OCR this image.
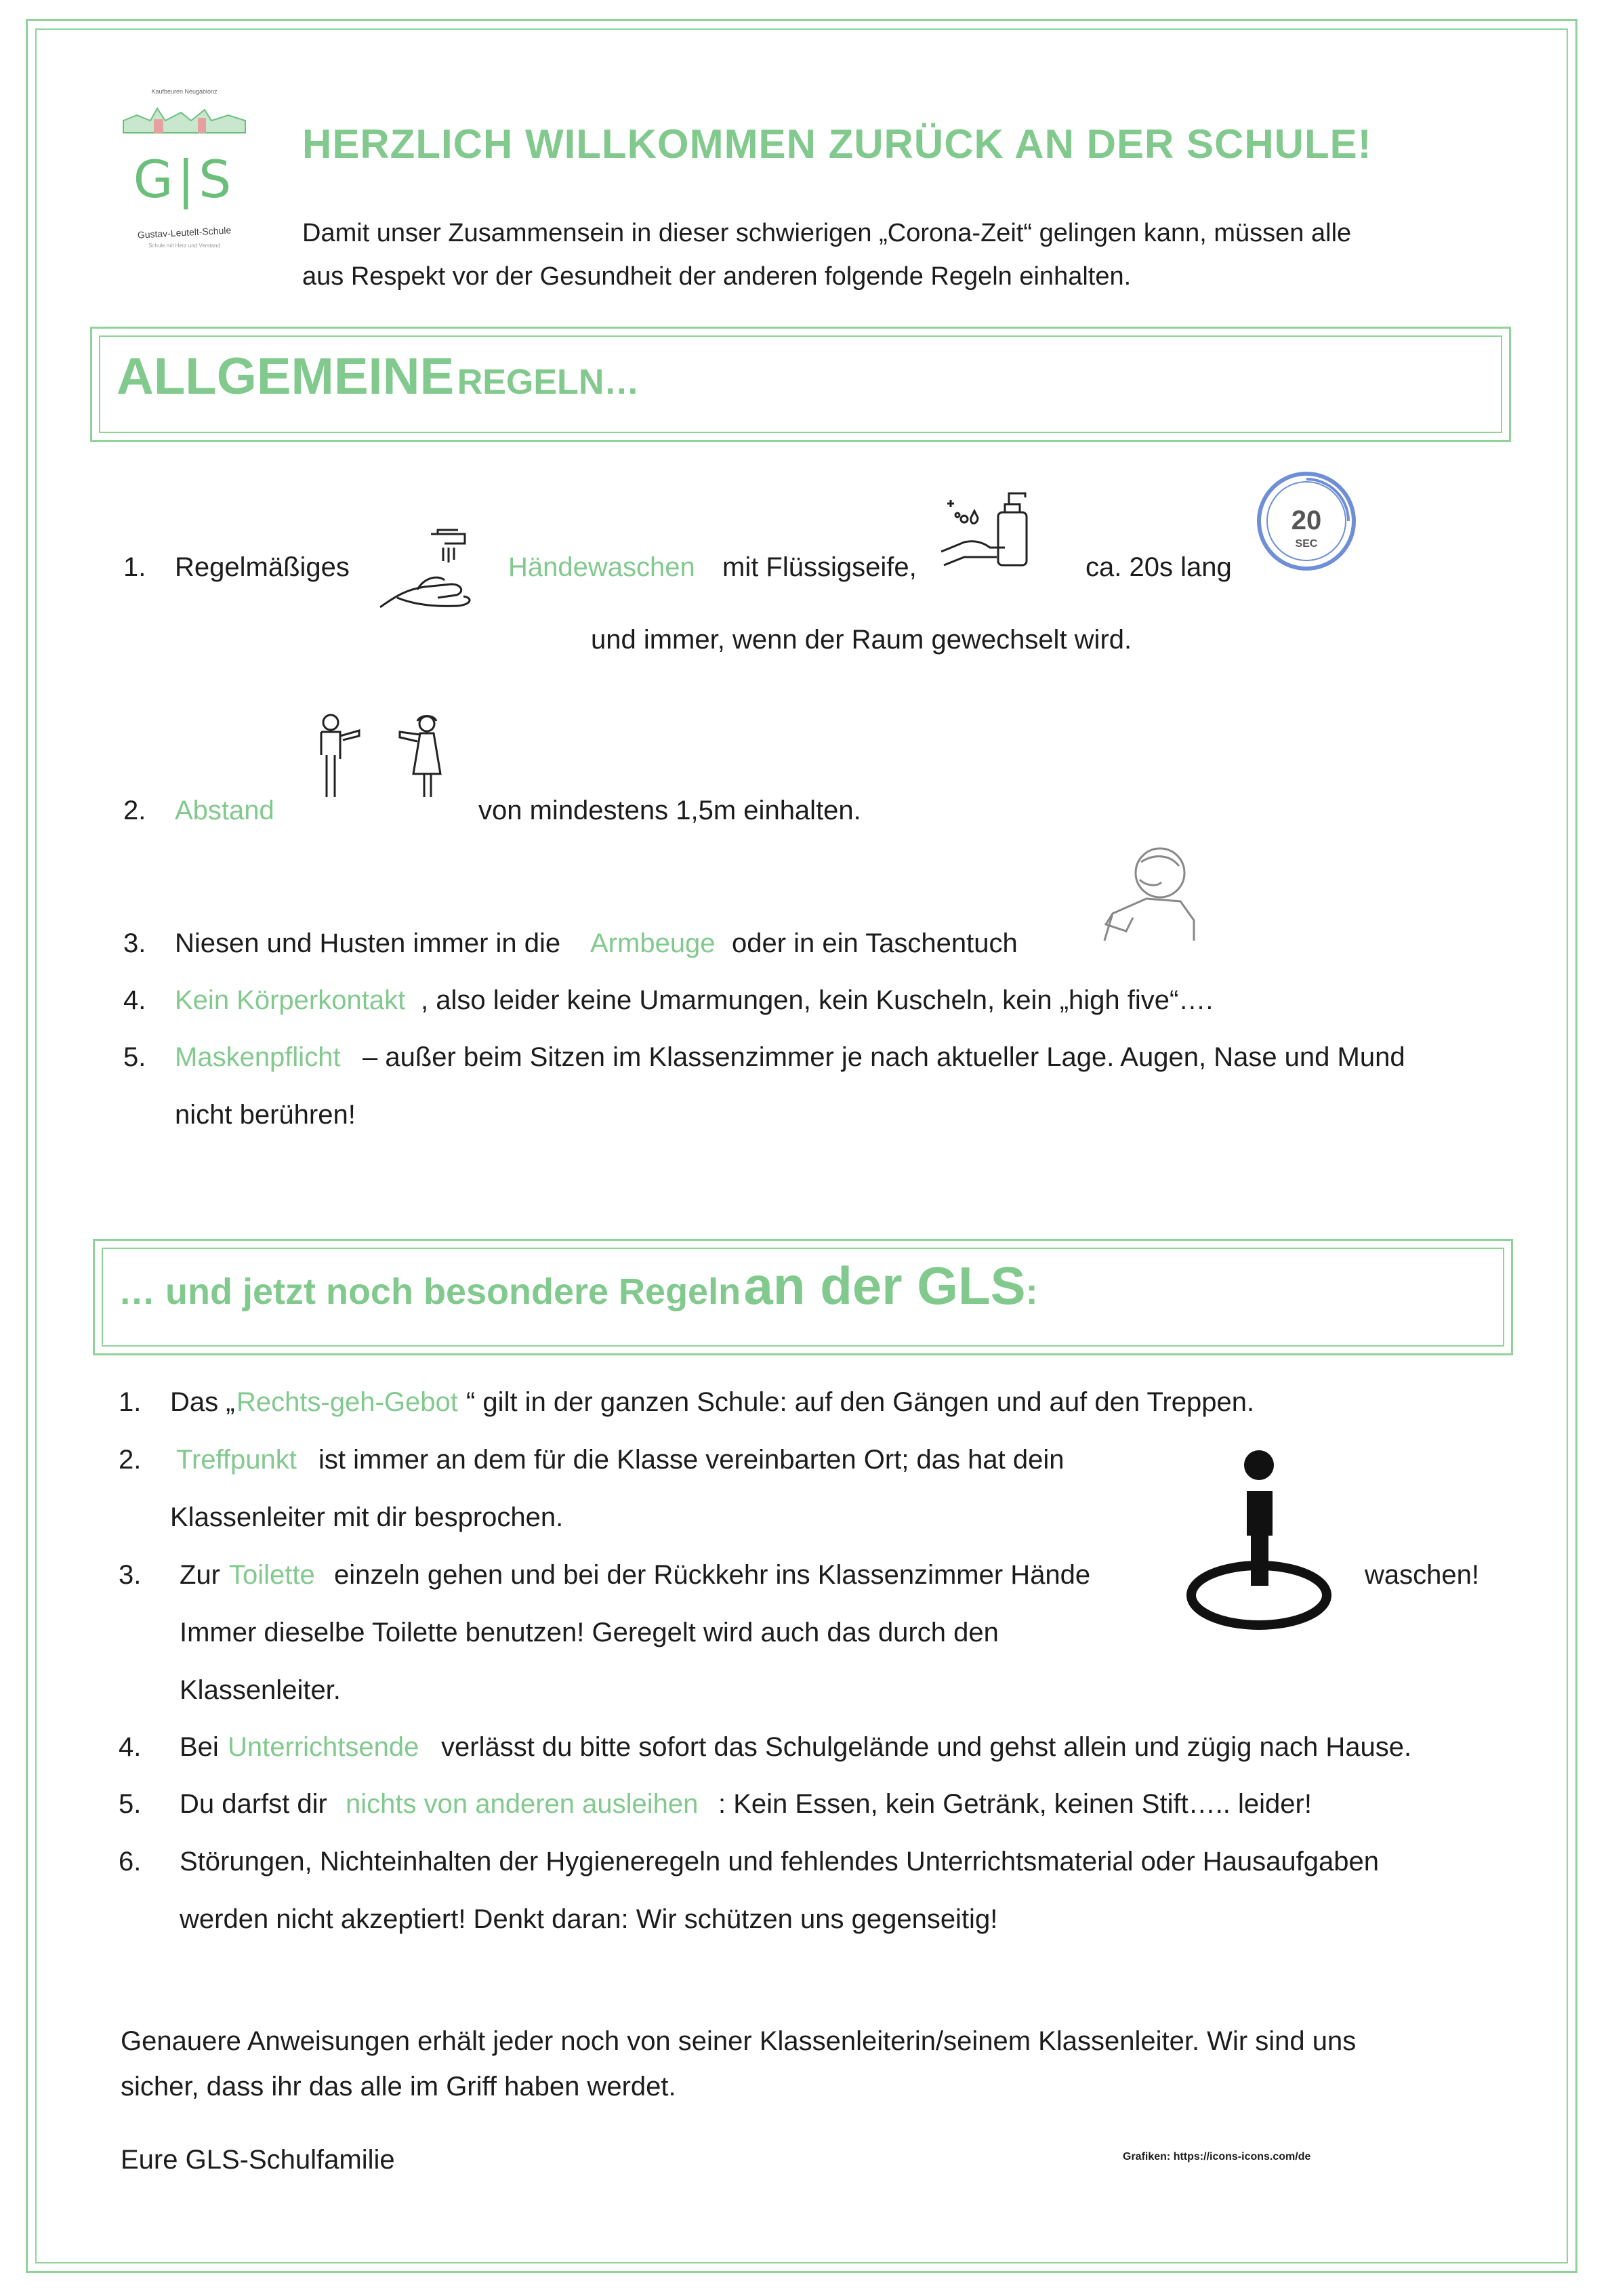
Kaufbeuren Neugablonz
G|S
Gustav-Leutelt-Schule
Schule mit Herz und Verstand
HERZLICH WILLKOMMEN ZURÜCK AN DER SCHULE!
Damit unser Zusammensein in dieser schwierigen „Corona-Zeit“ gelingen kann, müssen alle
aus Respekt vor der Gesundheit der anderen folgende Regeln einhalten.
ALLGEMEINE REGELN…
1. Regelmäßiges	Händewaschen mit Flüssigseife,	ca. 20s lang
20
SEC
und immer, wenn der Raum gewechselt wird.
2. Abstand	von mindestens 1,5m einhalten.
3. Niesen und Husten immer in die Armbeuge oder in ein Taschentuch
4. Kein Körperkontakt , also leider keine Umarmungen, kein Kuscheln, kein „high five“….
5. Maskenpflicht – außer beim Sitzen im Klassenzimmer je nach aktueller Lage. Augen, Nase und Mund
nicht berühren!
… und jetzt noch besondere Regeln an der GLS:
1. Das „ Rechts-geh-Gebot “ gilt in der ganzen Schule: auf den Gängen und auf den Treppen.
2. Treffpunkt ist immer an dem für die Klasse vereinbarten Ort; das hat dein
Klassenleiter mit dir besprochen.
3. Zur Toilette einzeln gehen und bei der Rückkehr ins Klassenzimmer Hände	waschen!
Immer dieselbe Toilette benutzen! Geregelt wird auch das durch den
Klassenleiter.
4. Bei Unterrichtsende verlässt du bitte sofort das Schulgelände und gehst allein und zügig nach Hause.
5. Du darfst dir nichts von anderen ausleihen : Kein Essen, kein Getränk, keinen Stift….. leider!
6. Störungen, Nichteinhalten der Hygieneregeln und fehlendes Unterrichtsmaterial oder Hausaufgaben
werden nicht akzeptiert! Denkt daran: Wir schützen uns gegenseitig!
Genauere Anweisungen erhält jeder noch von seiner Klassenleiterin/seinem Klassenleiter. Wir sind uns
sicher, dass ihr das alle im Griff haben werdet.
Eure GLS-Schulfamilie	Grafiken: https://icons-icons.com/de
